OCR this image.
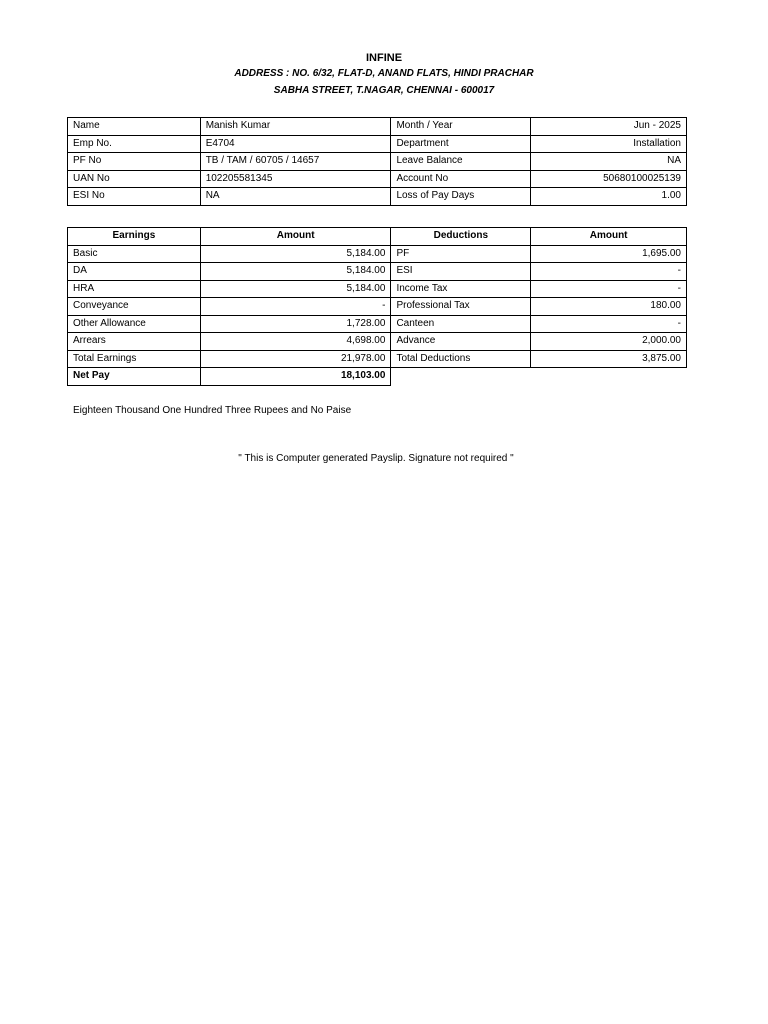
INFINE
ADDRESS : NO. 6/32, FLAT-D, ANAND FLATS, HINDI PRACHAR
SABHA STREET, T.NAGAR, CHENNAI - 600017
Name	Manish Kumar	Month / Year	Jun - 2025
Emp No.	E4704	Department	Installation
PF No	TB / TAM / 60705 / 14657	Leave Balance	NA
UAN No	102205581345	Account No	50680100025139
ESI No	NA	Loss of Pay Days	1.00
Earnings	Amount	Deductions	Amount
Basic	5,184.00	PF	1,695.00
DA	5,184.00	ESI	-
HRA	5,184.00	Income Tax	-
Conveyance	-	Professional Tax	180.00
Other Allowance	1,728.00	Canteen	-
Arrears	4,698.00	Advance	2,000.00
Total Earnings	21,978.00	Total Deductions	3,875.00
Net Pay	18,103.00		
Eighteen Thousand One Hundred Three Rupees and No Paise
" This is Computer generated Payslip. Signature not required "
